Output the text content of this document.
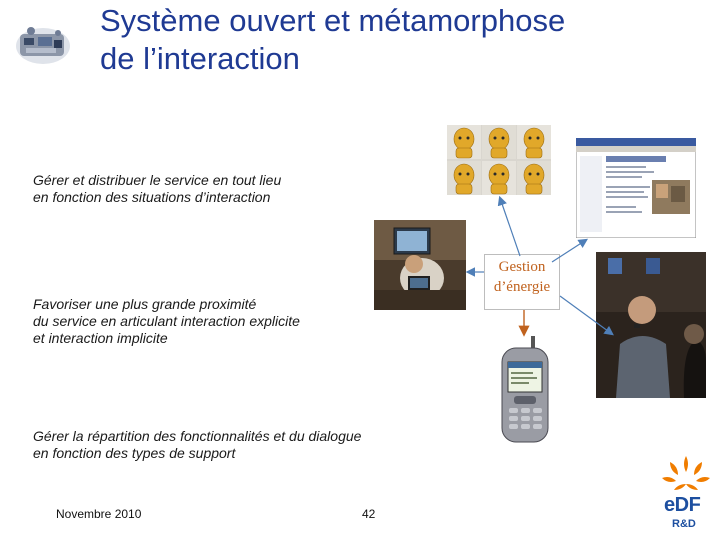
Système ouvert et métamorphose
de l’interaction
Gérer et distribuer le service en tout lieu
en fonction des situations d’interaction
Favoriser une plus grande proximité
du service en articulant interaction explicite
et interaction implicite
Gérer la répartition des fonctionnalités et du dialogue
en fonction des types de support
Gestion
d’énergie
Novembre 2010	42	eDF
R&D
